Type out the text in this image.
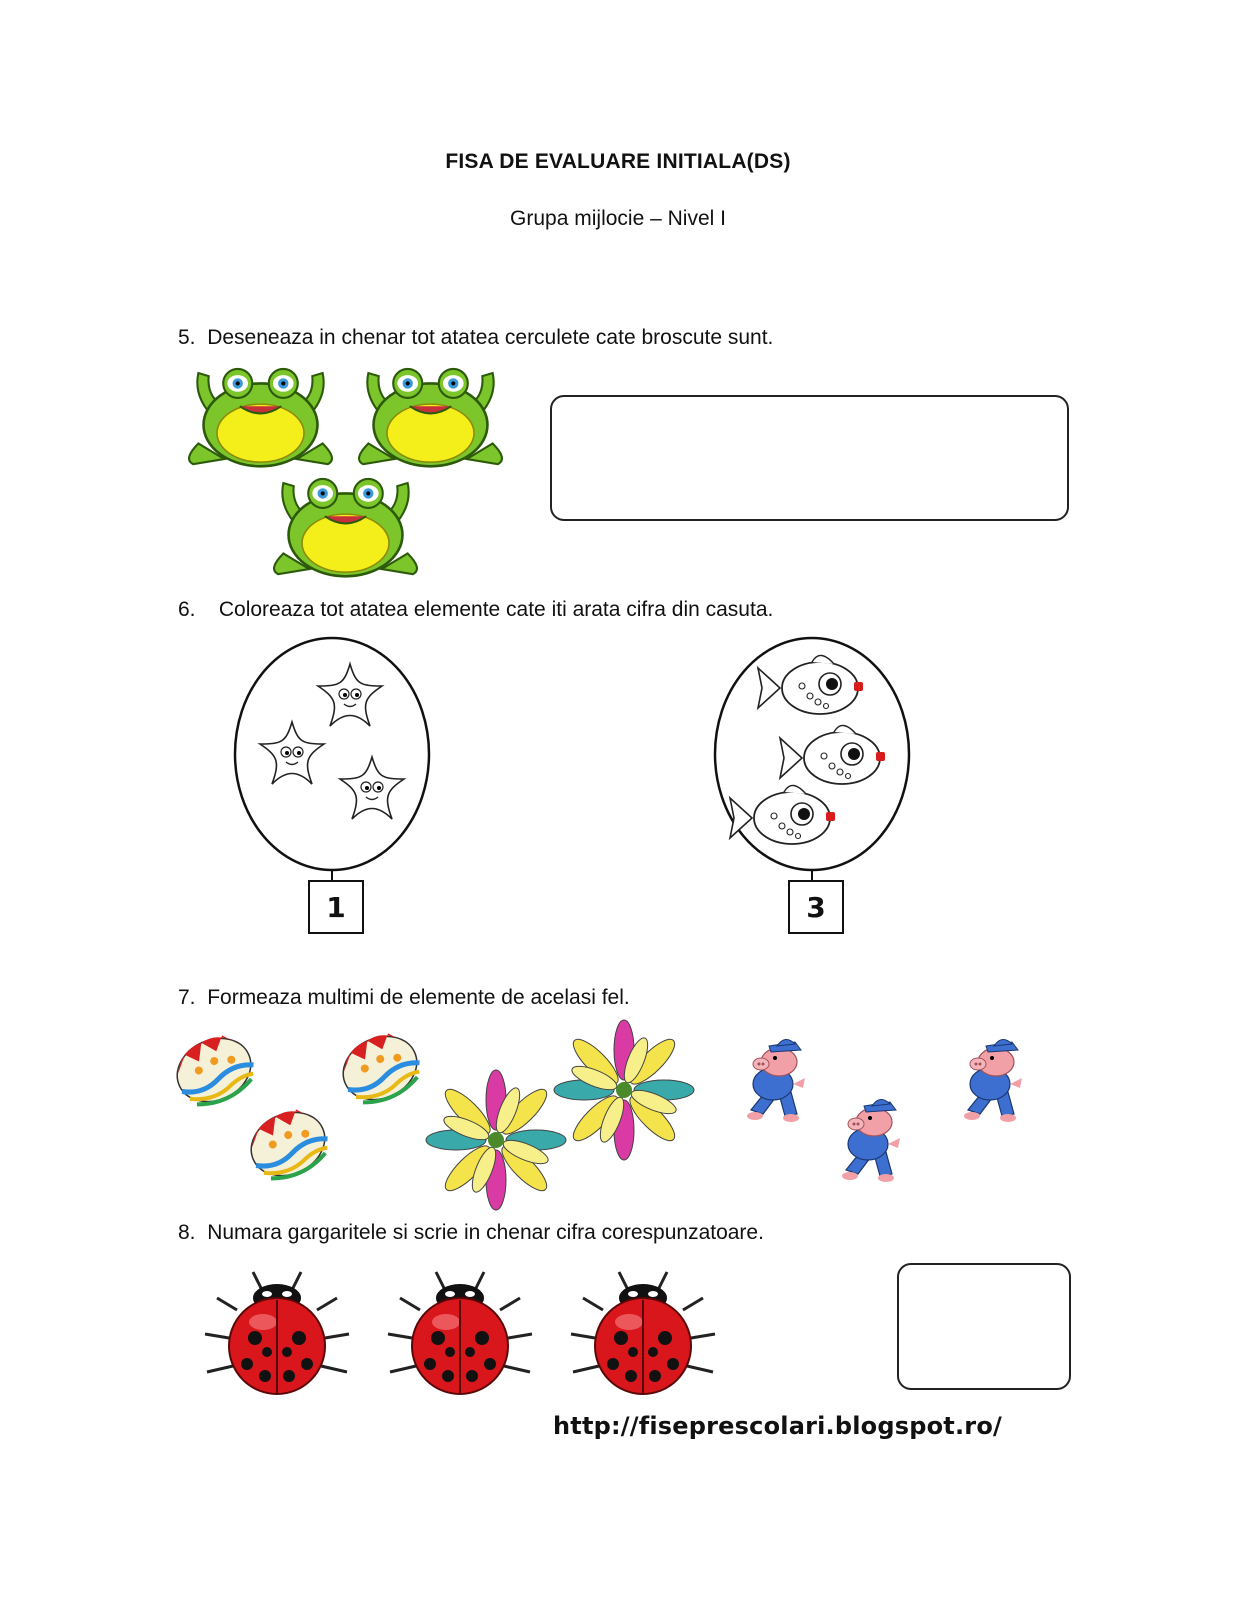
FISA DE EVALUARE INITIALA(DS)
Grupa mijlocie – Nivel I
5. Deseneaza in chenar tot atatea cerculete cate broscute sunt.
6. Coloreaza tot atatea elemente cate iti arata cifra din casuta.
1	3
7. Formeaza multimi de elemente de acelasi fel.
8. Numara gargaritele si scrie in chenar cifra corespunzatoare.
http://fiseprescolari.blogspot.ro/
